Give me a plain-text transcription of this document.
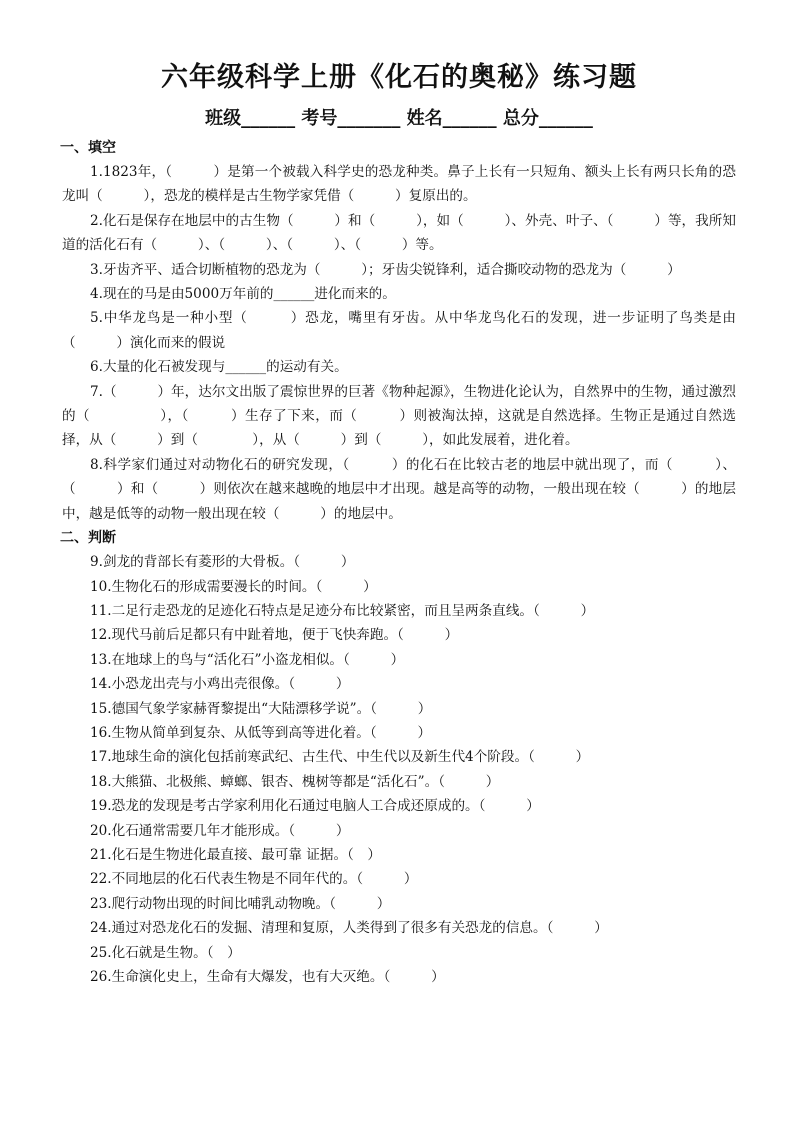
六年级科学上册《化石的奥秘》练习题
班级______ 考号_______ 姓名______ 总分______
一、填空

1.1823年，（　　　）是第一个被载入科学史的恐龙种类。鼻子上长有一只短角、额头上长有两只长角的恐龙叫（　　　），恐龙的模样是古生物学家凭借（　　　）复原出的。

2.化石是保存在地层中的古生物（　　　）和（　　　），如（　　　）、外壳、叶子、（　　　）等，我所知道的活化石有（　　　）、（　　　）、（　　　）、（　　　）等。

3.牙齿齐平、适合切断植物的恐龙为（　　　）；牙齿尖锐锋利，适合撕咬动物的恐龙为（　　　）

4.现在的马是由5000万年前的______进化而来的。

5.中华龙鸟是一种小型（　　　）恐龙，嘴里有牙齿。从中华龙鸟化石的发现，进一步证明了鸟类是由（　　　）演化而来的假说

6.大量的化石被发现与______的运动有关。

7.（　　　）年，达尔文出版了震惊世界的巨著《物种起源》，生物进化论认为，自然界中的生物，通过激烈的（　　　　　），（　　　）生存了下来，而（　　　）则被淘汰掉，这就是自然选择。生物正是通过自然选择，从（　　　）到（　　　　），从（　　　）到（　　　），如此发展着，进化着。

8.科学家们通过对动物化石的研究发现，（　　　）的化石在比较古老的地层中就出现了，而（　　　）、（　　　）和（　　　）则依次在越来越晚的地层中才出现。越是高等的动物，一般出现在较（　　　）的地层中，越是低等的动物一般出现在较（　　　）的地层中。

二、判断

9.剑龙的背部长有菱形的大骨板。（　　　）

10.生物化石的形成需要漫长的时间。（　　　）

11.二足行走恐龙的足迹化石特点是足迹分布比较紧密，而且呈两条直线。（　　　）

12.现代马前后足都只有中趾着地，便于飞快奔跑。（　　　）

13.在地球上的鸟与“活化石”小盗龙相似。（　　　）

14.小恐龙出壳与小鸡出壳很像。（　　　）

15.德国气象学家赫胥黎提出“大陆漂移学说”。（　　　）

16.生物从简单到复杂、从低等到高等进化着。（　　　）

17.地球生命的演化包括前寒武纪、古生代、中生代以及新生代4个阶段。（　　　）

18.大熊猫、北极熊、蟑螂、银杏、槐树等都是“活化石”。（　　　）

19.恐龙的发现是考古学家利用化石通过电脑人工合成还原成的。（　　　）

20.化石通常需要几年才能形成。（　　　）

21.化石是生物进化最直接、最可靠 证据。（　）

22.不同地层的化石代表生物是不同年代的。（　　　）

23.爬行动物出现的时间比哺乳动物晚。（　　　）

24.通过对恐龙化石的发掘、清理和复原，人类得到了很多有关恐龙的信息。（　　　）

25.化石就是生物。（　）

26.生命演化史上，生命有大爆发，也有大灭绝。（　　　）
